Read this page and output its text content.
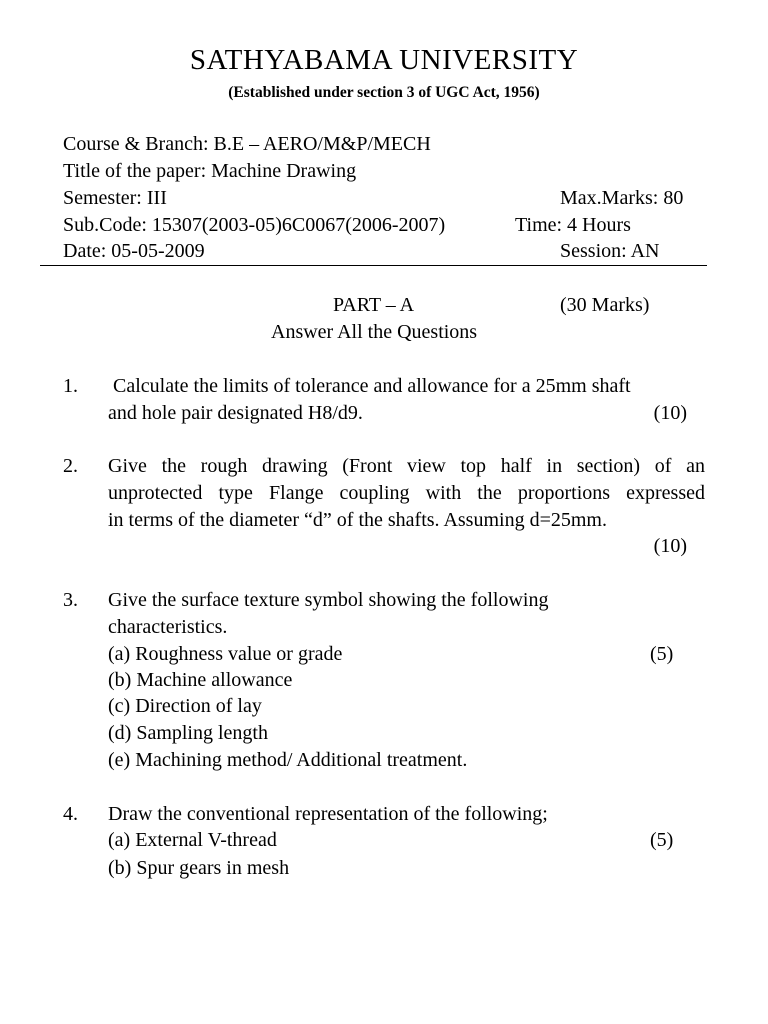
SATHYABAMA UNIVERSITY
(Established under section 3 of UGC Act, 1956)
Course & Branch: B.E – AERO/M&P/MECH
Title of the paper: Machine Drawing
Semester: III	Max.Marks: 80
Sub.Code: 15307(2003-05)6C0067(2006-2007)	Time: 4 Hours
Date: 05-05-2009	Session: AN
PART – A	(30 Marks)
Answer All the Questions
1. Calculate the limits of tolerance and allowance for a 25mm shaft
and hole pair designated H8/d9.	(10)
2. Give the rough drawing (Front view top half in section) of an
unprotected type Flange coupling with the proportions expressed
in terms of the diameter “d” of the shafts. Assuming d=25mm.
(10)
3. Give the surface texture symbol showing the following
characteristics.
(a) Roughness value or grade	(5)
(b) Machine allowance
(c) Direction of lay
(d) Sampling length
(e) Machining method/ Additional treatment.
4. Draw the conventional representation of the following;
(a) External V-thread	(5)
(b) Spur gears in mesh
